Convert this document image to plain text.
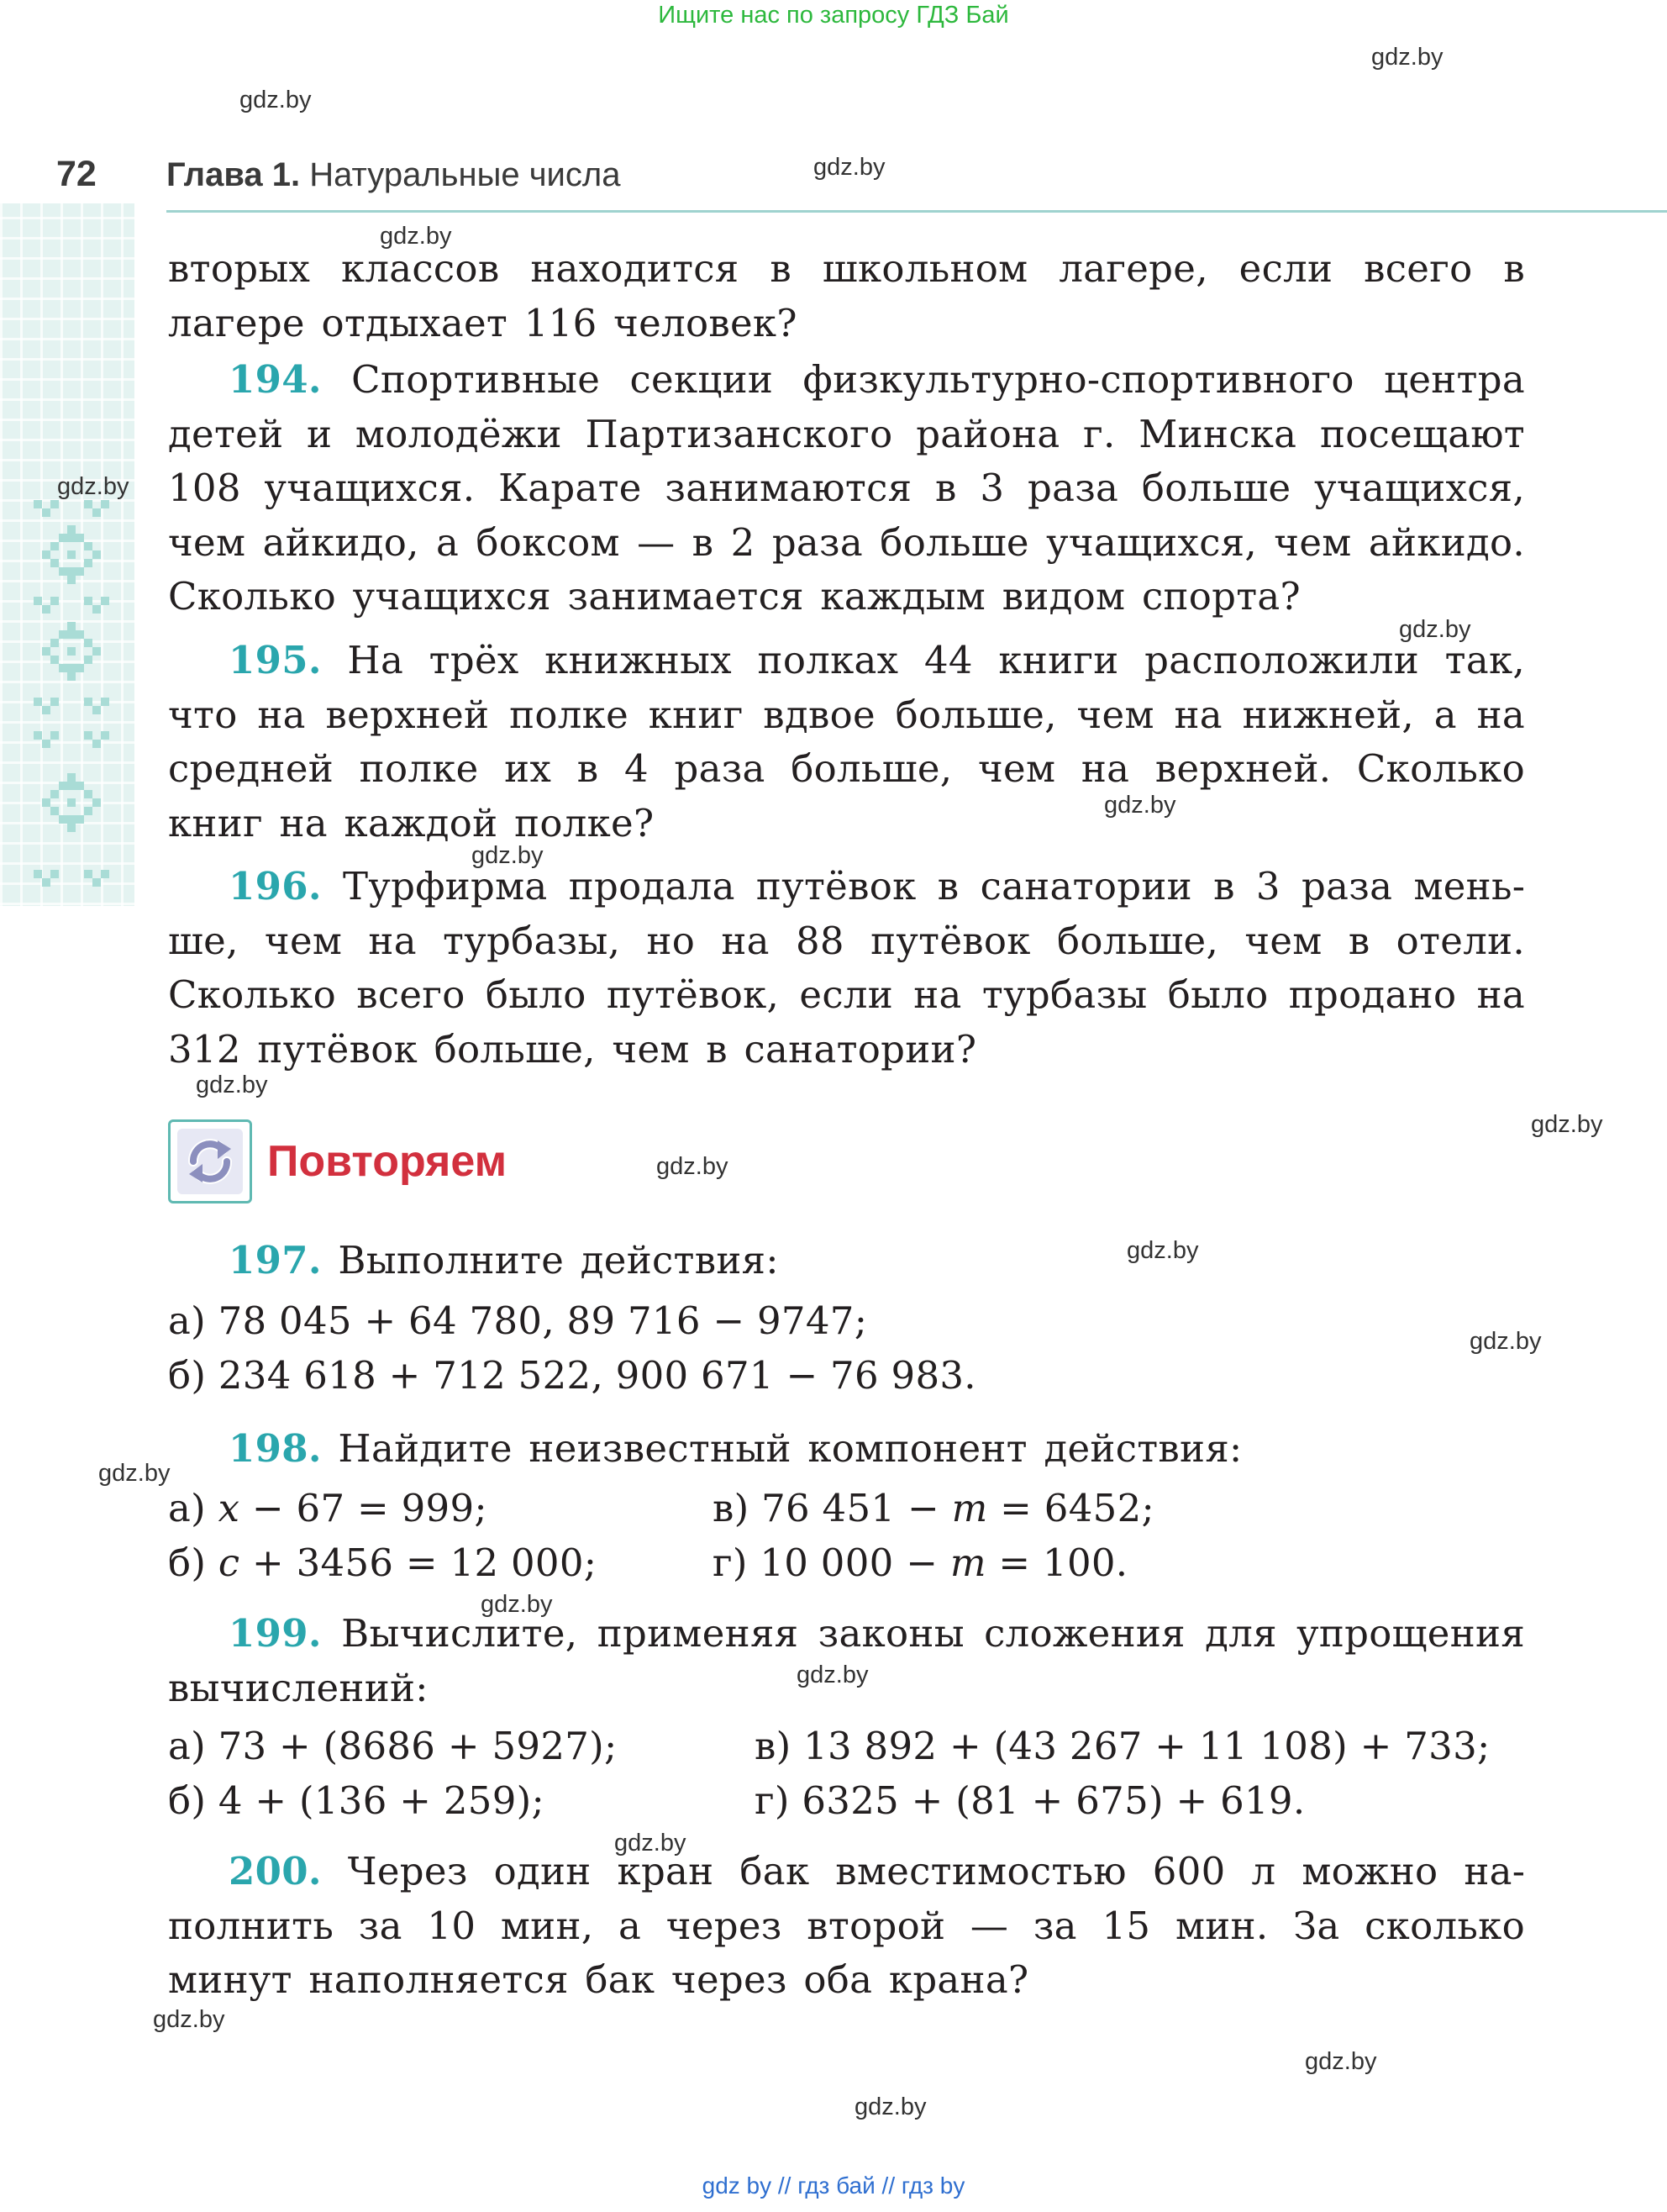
Ищите нас по запросу ГДЗ Бай
72 Глава 1. Натуральные числа
gdz.by
gdz.by
gdz.by
gdz.by
gdz.by
gdz.by
gdz.by
gdz.by
gdz.by
gdz.by
gdz.by
gdz.by
gdz.by
gdz.by
gdz.by
gdz.by
gdz.by
gdz.by
gdz.by
gdz.by
вторых классов находится в школьном лагере, если всего в лагере отдыхает 116 человек?
194. Спортивные секции физкультурно-спортивного центра детей и молодёжи Партизанского района г. Минска посещают 108 учащихся. Карате занимаются в 3 раза больше учащихся, чем айкидо, а боксом — в 2 раза больше учащихся, чем айкидо. Сколько учащихся занимается каждым видом спорта?
195. На трёх книжных полках 44 книги расположили так, что на верхней полке книг вдвое больше, чем на нижней, а на средней полке их в 4 раза больше, чем на верхней. Сколько книг на каждой полке?
196. Турфирма продала путёвок в санатории в 3 раза меньше, чем на турбазы, но на 88 путёвок больше, чем в отели. Сколько всего было путёвок, если на турбазы было продано на 312 путёвок больше, чем в санатории?
Повторяем
197. Выполните действия:
а) 78 045 + 64 780, 89 716 − 9747;
б) 234 618 + 712 522, 900 671 − 76 983.
198. Найдите неизвестный компонент действия:
а) x − 67 = 999;	в) 76 451 − m = 6452;
б) c + 3456 = 12 000;	г) 10 000 − m = 100.
199. Вычислите, применяя законы сложения для упрощения вычислений:
а) 73 + (8686 + 5927);	в) 13 892 + (43 267 + 11 108) + 733;
б) 4 + (136 + 259);	г) 6325 + (81 + 675) + 619.
200. Через один кран бак вместимостью 600 л можно наполнить за 10 мин, а через второй — за 15 мин. За сколько минут наполняется бак через оба крана?
gdz by // гдз бай // гдз by
